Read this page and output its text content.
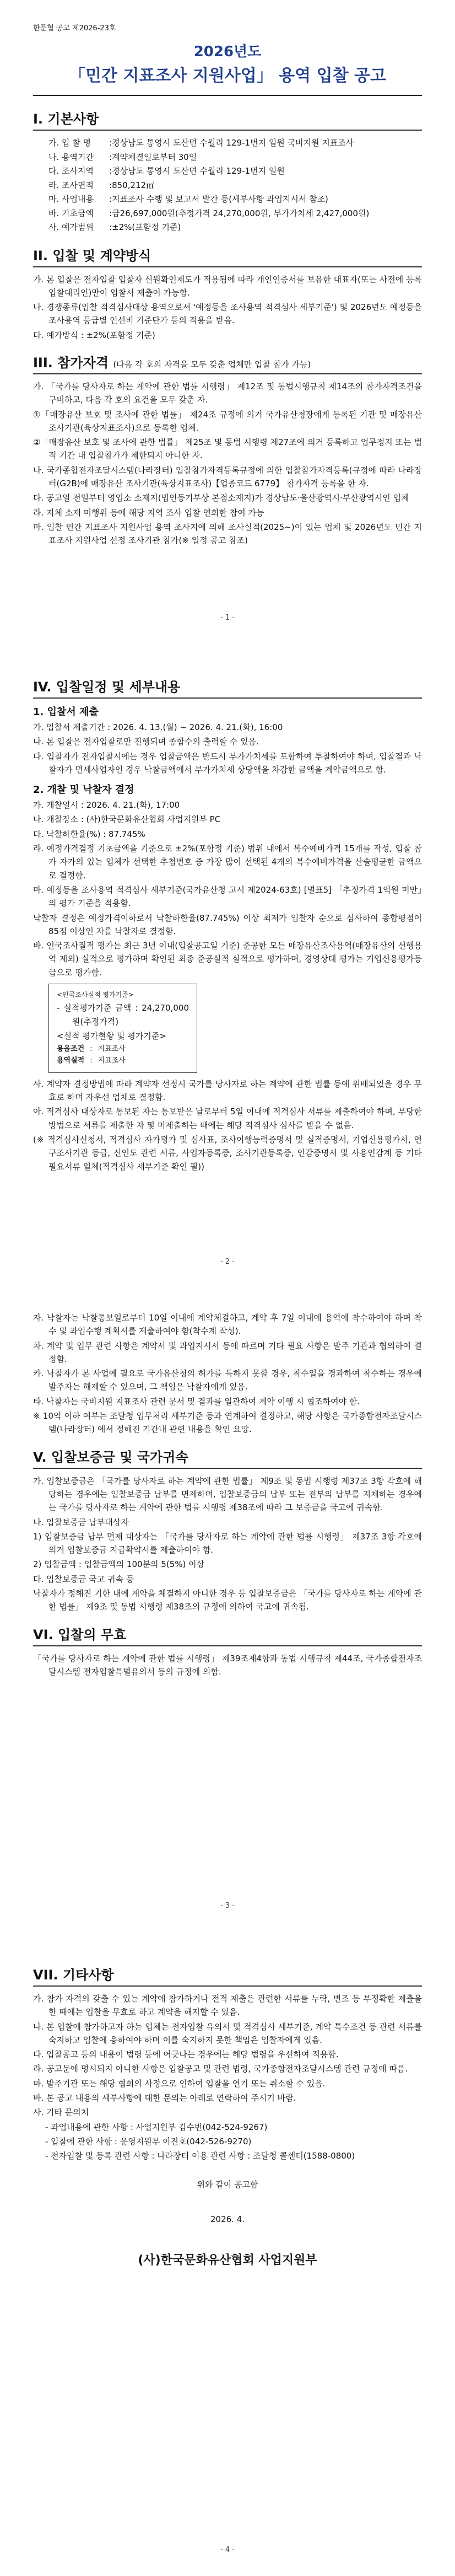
한문협 공고 제2026-23호
2026년도
「민간 지표조사 지원사업」 용역 입찰 공고
I. 기본사항
가. 입 찰 명	: 경상남도 통영시 도산면 수월리 129-1번지 일원 국비지원 지표조사
나. 용역기간	: 계약체결일로부터 30일
다. 조사지역	: 경상남도 통영시 도산면 수월리 129-1번지 일원
라. 조사면적	: 850,212㎡
마. 사업내용	: 지표조사 수행 및 보고서 발간 등(세부사항 과업지시서 참조)
바. 기초금액	: 금26,697,000원(추정가격 24,270,000원, 부가가치세 2,427,000원)
사. 예가범위	: ±2%(포함정 기준)
II. 입찰 및 계약방식
가. 본 입찰은 전자입찰 입찰자 신원확인제도가 적용됨에 따라 개인인증서를 보유한 대표자(또는 사전에 등록 입찰대리인)만이 입찰서 제출이 가능함.
나. 경쟁종류(입찰 적격심사대상 용역으로서 '예정등을 조사용역 적격심사 세부기준') 및 2026년도 예정등을 조사용역 등급별 인선비 기준단가 등의 적용을 받음.
다. 예가방식 : ±2%(포함정 기준)
III. 참가자격 (다음 각 호의 자격을 모두 갖춘 업체만 입찰 참가 가능)
가. 「국가를 당사자로 하는 계약에 관한 법률 시행령」 제12조 및 동법시행규칙 제14조의 참가자격조건을 구비하고, 다음 각 호의 요건을 모두 갖춘 자.
①「매장유산 보호 및 조사에 관한 법률」 제24조 규정에 의거 국가유산청장에게 등록된 기관 및 매장유산 조사기관(육상지표조사)으로 등록한 업체.
②「매장유산 보호 및 조사에 관한 법률」 제25조 및 동법 시행령 제27조에 의거 등록하고 업무정지 또는 법적 기간 내 입찰참가가 제한되지 아니한 자.
나. 국가종합전자조달시스템(나라장터) 입찰참가자격등록규정에 의한 입찰참가자격등록(규정에 따라 나라장터(G2B)에 매장유산 조사기관(육상지표조사)【업종코드 6779】 참가자격 등록을 한 자.
다. 공고일 전일부터 영업소 소재지(법인등기부상 본점소재지)가 경상남도·울산광역시·부산광역시인 업체
라. 지체 소재 미행위 등에 해당 지역 조사 입찰 연회한 참여 가능
마. 입찰 민간 지표조사 지원사업 용역 조사지에 의해 조사실적(2025~)이 있는 업체 및 2026년도 민간 지표조사 지원사업 선정 조사기관 참가(※ 일정 공고 참조)
- 1 -
IV. 입찰일정 및 세부내용
1. 입찰서 제출
가. 입찰서 제출기간 : 2026. 4. 13.(월) ~ 2026. 4. 21.(화), 16:00
나. 본 입찰은 전자입찰로만 진행되며 종합수의 출력할 수 있음.
다. 입찰자가 전자입찰시에는 경우 입찰금액은 반드시 부가가치세를 포함하여 투찰하여야 하며, 입찰결과 낙찰자가 면세사업자인 경우 낙찰금액에서 부가가치세 상당액을 차감한 금액을 계약금액으로 함.
2. 개찰 및 낙찰자 결정
가. 개찰일시 : 2026. 4. 21.(화), 17:00
나. 개찰장소 : (사)한국문화유산협회 사업지원부 PC
다. 낙찰하한율(%) : 87.745%
라. 예정가격결정 기초금액을 기준으로 ±2%(포함정 기준) 범위 내에서 복수예비가격 15개를 작성, 입찰 참가 자가의 있는 업체가 선택한 추첨번호 중 가장 많이 선택된 4개의 복수예비가격을 산술평균한 금액으로 결정함.
마. 예정등을 조사용역 적격심사 세부기준(국가유산청 고시 제2024-63호) [별표5] 「추정가격 1억원 미만」의 평가 기준을 적용함.
낙찰자 결정은 예정가격이하로서 낙찰하한율(87.745%) 이상 최저가 입찰자 순으로 심사하여 종합평점이 85점 이상인 자를 낙찰자로 결정함.
바. 인국조사질적 평가는 최근 3년 이내(입찰공고일 기준) 준공한 모든 매장유산조사용역(매장유산의 선행용역 제외) 실적으로 평가하며 확인된 최종 준공실적 실적으로 평가하며, 경영상태 평가는 기업신용평가등급으로 평가함.
<인국조사실적 평가기준>
- 실적평가기준 금액 : 24,270,000원(추정가격)
<실적 평가현황 및 평가기준>
용을조건 : 지표조사
용역실적 : 지표조사
사. 계약자 결정방법에 따라 계약자 선정시 국가를 당사자로 하는 계약에 관한 법률 등에 위배되었을 경우 무효로 하며 자우선 업체로 결정함.
아. 적격심사 대상자로 통보된 자는 통보받은 날로부터 5일 이내에 적격심사 서류를 제출하여야 하며, 부당한 방법으로 서류를 제출한 자 및 미제출하는 때에는 해당 적격심사 심사를 받을 수 없음.
(※ 적격심사신청서, 적격심사 자가평가 및 심사표, 조사이행능력증명서 및 실적증명서, 기업신용평가서, 연구조사기관 등급, 신인도 관련 서류, 사업자등록증, 조사기관등록증, 인감증명서 및 사용인감계 등 기타 필요서류 일체(적격심사 세부기준 확인 필))
- 2 -
자. 낙찰자는 낙찰통보일로부터 10일 이내에 계약체결하고, 계약 후 7일 이내에 용역에 착수하여야 하며 착수 및 과업수행 계획서를 제출하여야 함(착수계 작성).
차. 계약 및 업무 관련 사항은 계약서 및 과업지시서 등에 따르며 기타 필요 사항은 발주 기관과 협의하여 결정함.
카. 낙찰자가 본 사업에 필요로 국가유산청의 허가를 득하지 못할 경우, 착수일을 경과하여 착수하는 경우에 발주자는 해제할 수 있으며, 그 책임은 낙찰자에게 있음.
타. 낙찰자는 국비지원 지표조사 관련 문서 및 결과를 일관하여 계약 이행 시 협조하여야 함.
※ 10억 이하 여부는 조달청 업무처리 세부기준 등과 연계하여 결정하고, 해당 사항은 국가종합전자조달시스템(나라장터) 에서 정해진 기간내 관련 내용을 확인 요망.
V. 입찰보증금 및 국가귀속
가. 입찰보증금은 「국가를 당사자로 하는 계약에 관한 법률」 제9조 및 동법 시행령 제37조 3항 각호에 해당하는 경우에는 입찰보증금 납부를 면제하며, 입찰보증금의 납부 또는 전부의 납부를 지체하는 경우에는 국가를 당사자로 하는 계약에 관한 법률 시행령 제38조에 따라 그 보증금을 국고에 귀속함.
나. 입찰보증금 납부대상자
1) 입찰보증금 납부 면제 대상자는 「국가를 당사자로 하는 계약에 관한 법률 시행령」 제37조 3항 각호에 의거 입찰보증금 지급확약서를 제출하여야 함.
2) 입찰금액 : 입찰금액의 100분의 5(5%) 이상
다. 입찰보증금 국고 귀속 등
낙찰자가 정해진 기한 내에 계약을 체결하지 아니한 경우 등 입찰보증금은 「국가를 당사자로 하는 계약에 관한 법률」 제9조 및 동법 시행령 제38조의 규정에 의하여 국고에 귀속됨.
VI. 입찰의 무효
「국가를 당사자로 하는 계약에 관한 법률 시행령」 제39조제4항과 동법 시행규칙 제44조, 국가종합전자조달시스템 전자입찰특별유의서 등의 규정에 의함.
- 3 -
VII. 기타사항
가. 참가 자격의 갖출 수 있는 계약에 참가하거나 전적 제출은 관련한 서류를 누락, 변조 등 부정확한 제출을 한 때에는 입찰을 무효로 하고 계약을 해지할 수 있음.
나. 본 입찰에 참가하고자 하는 업체는 전자입찰 유의서 및 적격심사 세부기준, 계약 특수조건 등 관련 서류를 숙지하고 입찰에 응하여야 하며 이를 숙지하지 못한 책임은 입찰자에게 있음.
다. 입찰공고 등의 내용이 법령 등에 어긋나는 경우에는 해당 법령을 우선하여 적용함.
라. 공고문에 명시되지 아니한 사항은 입찰공고 및 관련 법령, 국가종합전자조달시스템 관련 규정에 따름.
마. 발주기관 또는 해당 협회의 사정으로 인하여 입찰을 연기 또는 취소할 수 있음.
바. 본 공고 내용의 세부사항에 대한 문의는 아래로 연락하여 주시기 바람.
사. 기타 문의처
- 과업내용에 관한 사항 : 사업지원부 김수빈(042-524-9267)
- 입찰에 관한 사항 : 운영지원부 이진호(042-526-9270)
- 전자입찰 및 등록 관련 사항 : 나라장터 이용 관련 사항 : 조달청 콜센터(1588-0800)
위와 같이 공고함
2026. 4.
(사)한국문화유산협회 사업지원부
- 4 -
